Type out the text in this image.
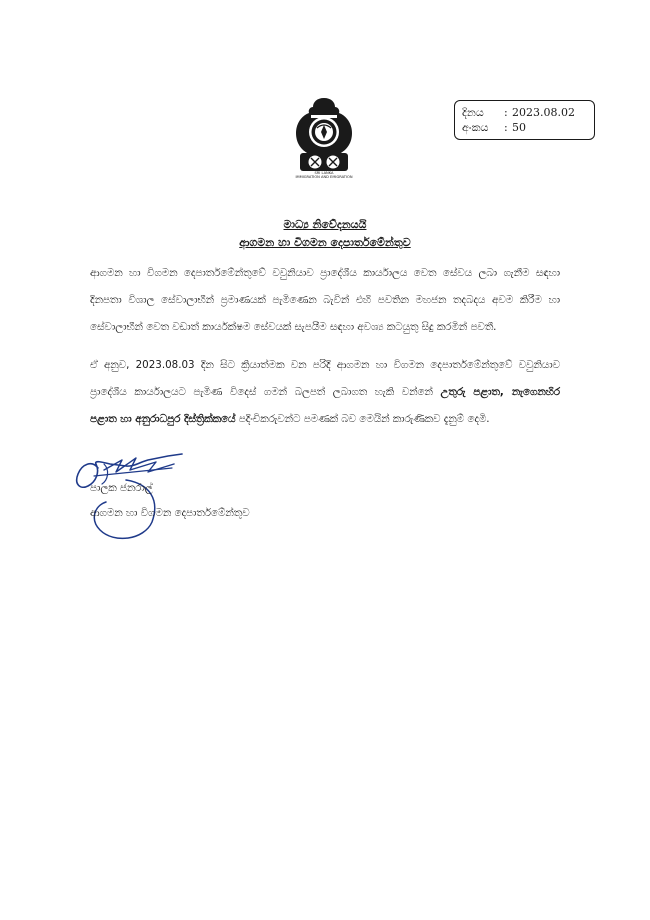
SRI LANKA
IMMIGRATION AND EMIGRATION
දිනය	: 2023.08.02
අංකය	: 50
මාධ්‍ය නිවේදනයයි
ආගමන හා විගමන දෙපාර්තමේන්තුව
ආගමන හා විගමන දෙපාර්තමේන්තුවේ වවුනියාව ප්‍රාදේශීය කාර්යාලය වෙත සේවය ලබා ගැනීම සඳහා
දිනපතා විශාල සේවාලාභීන් ප්‍රමාණයක් පැමිණෙන බැවින් එහි පවතින මහජන තදබදය අවම කිරීම හා
සේවාලාභීන් වෙත වඩාත් කාර්යක්ෂම සේවයක් සැපයීම සඳහා අවශ්‍ය කටයුතු සිදු කරමින් පවතී.
ඒ අනුව, 2023.08.03 දින සිට ක්‍රියාත්මක වන පරිදි ආගමන හා විගමන දෙපාර්තමේන්තුවේ වවුනියාව
ප්‍රාදේශීය කාර්යාලයට පැමිණ විදෙස් ගමන් බලපත් ලබාගත හැකි වන්නේ උතුරු පළාත, නැගෙනහිර
පළාත හා අනුරාධපුර දිස්ත්‍රික්කයේ පදිංචිකරුවන්ට පමණක් බව මෙයින් කාරුණිකව දැනුම් දෙමි.
පාලක ජනරාල්
ආගමන හා විගමන දෙපාර්තමේන්තුව
